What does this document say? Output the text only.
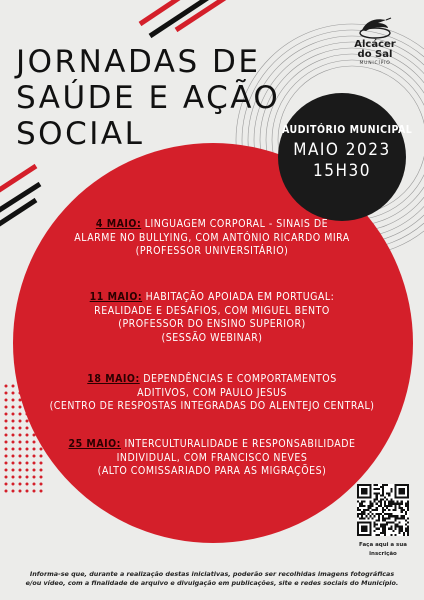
JORNADAS DE
SAÚDE E AÇÃO
SOCIAL
Alcácer
do Sal
MUNICÍPIO
AUDITÓRIO MUNICIPAL
MAIO 2023
15H30
4 MAIO: LINGUAGEM CORPORAL - SINAIS DE
ALARME NO BULLYING, COM ANTÓNIO RICARDO MIRA
(PROFESSOR UNIVERSITÁRIO)
11 MAIO: HABITAÇÃO APOIADA EM PORTUGAL:
REALIDADE E DESAFIOS, COM MIGUEL BENTO
(PROFESSOR DO ENSINO SUPERIOR)
(SESSÃO WEBINAR)
18 MAIO: DEPENDÊNCIAS E COMPORTAMENTOS
ADITIVOS, COM PAULO JESUS
(CENTRO DE RESPOSTAS INTEGRADAS DO ALENTEJO CENTRAL)
25 MAIO: INTERCULTURALIDADE E RESPONSABILIDADE
INDIVIDUAL, COM FRANCISCO NEVES
(ALTO COMISSARIADO PARA AS MIGRAÇÕES)
Faça aqui a sua
inscrição
Informa-se que, durante a realização destas iniciativas, poderão ser recolhidas imagens fotográficas
e/ou vídeo, com a finalidade de arquivo e divulgação em publicações, site e redes sociais do Município.
